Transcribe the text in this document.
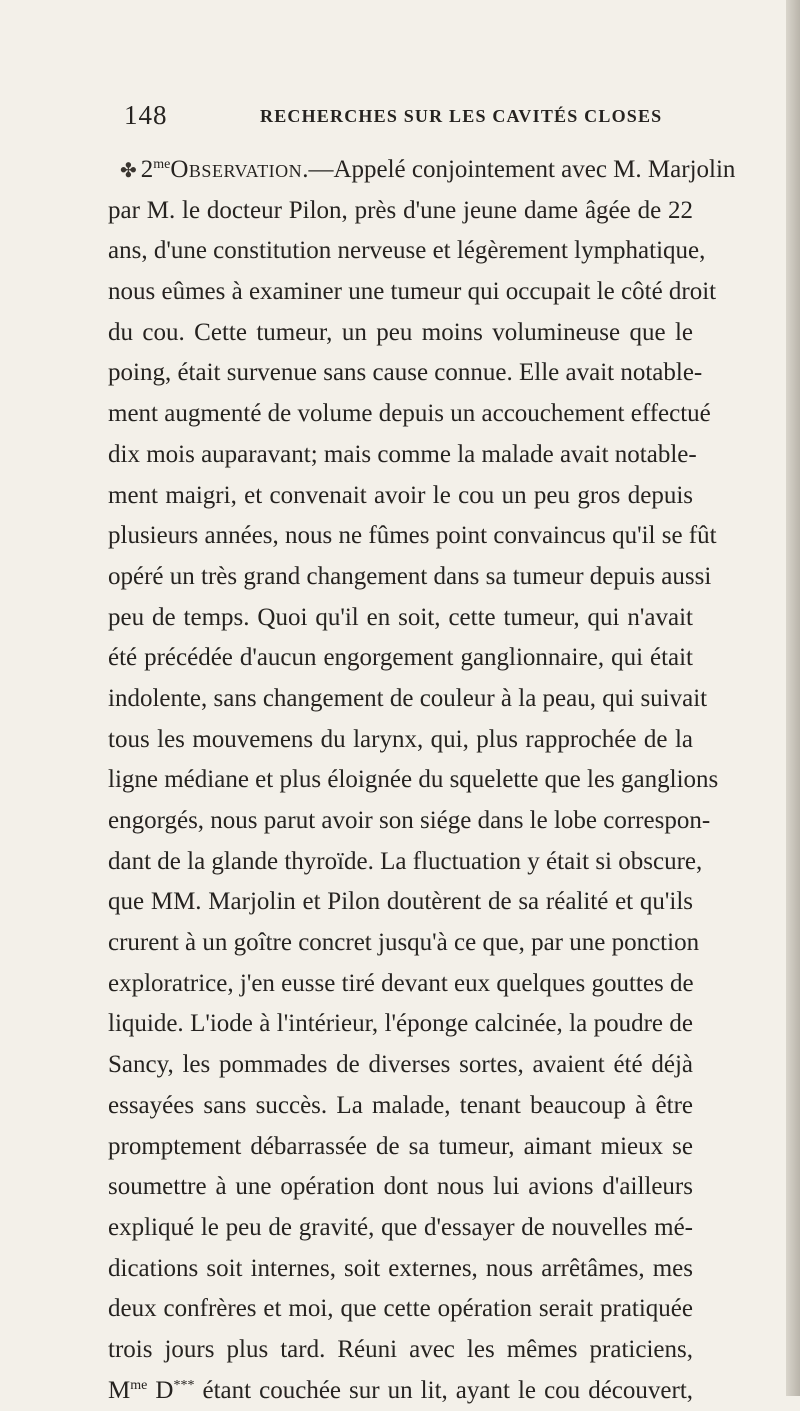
148	RECHERCHES SUR LES CAVITÉS CLOSES
✤ $2^{me}Observation.—Appelé$ conjointement avec M. Marjolin
par M. le docteur Pilon, près d'une jeune dame âgée de 22
ans, d'une constitution nerveuse et légèrement lymphatique,
nous eûmes à examiner une tumeur qui occupait le côté droit
du cou. Cette tumeur, un peu moins volumineuse que le
poing, était survenue sans cause connue. Elle avait notable-
ment augmenté de volume depuis un accouchement effectué
dix mois auparavant; mais comme la malade avait notable-
ment maigri, et convenait avoir le cou un peu gros depuis
plusieurs années, nous ne fûmes point convaincus qu'il se fût
opéré un très grand changement dans sa tumeur depuis aussi
peu de temps. Quoi qu'il en soit, cette tumeur, qui n'avait
été précédée d'aucun engorgement ganglionnaire, qui était
indolente, sans changement de couleur à la peau, qui suivait
tous les mouvemens du larynx, qui, plus rapprochée de la
ligne médiane et plus éloignée du squelette que les ganglions
engorgés, nous parut avoir son siége dans le lobe correspon-
dant de la glande thyroïde. La fluctuation y était si obscure,
que MM. Marjolin et Pilon doutèrent de sa réalité et qu'ils
crurent à un goître concret jusqu'à ce que, par une ponction
exploratrice, j'en eusse tiré devant eux quelques gouttes de
liquide. L'iode à l'intérieur, l'éponge calcinée, la poudre de
Sancy, les pommades de diverses sortes, avaient été déjà
essayées sans succès. La malade, tenant beaucoup à être
promptement débarrassée de sa tumeur, aimant mieux se
soumettre à une opération dont nous lui avions d'ailleurs
expliqué le peu de gravité, que d'essayer de nouvelles mé-
dications soit internes, soit externes, nous arrêtâmes, mes
deux confrères et moi, que cette opération serait pratiquée
trois jours plus tard. Réuni avec les mêmes praticiens,
$M^{me}$ D*** étant couchée sur un lit, ayant le cou découvert,
